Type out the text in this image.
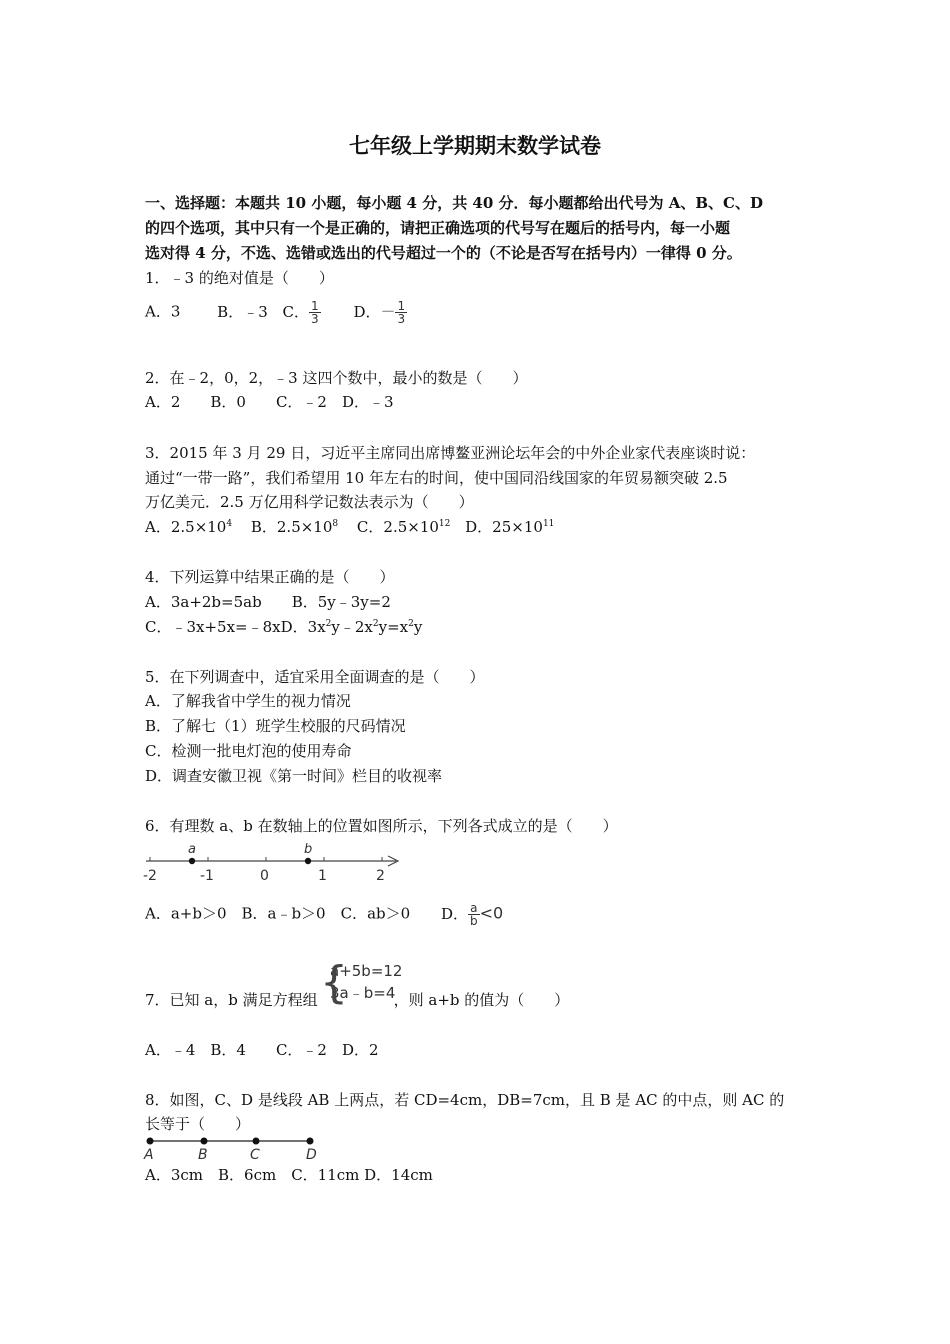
七年级上学期期末数学试卷
一、选择题：本题共 10 小题，每小题 4 分，共 40 分．每小题都给出代号为 A、B、C、D
的四个选项，其中只有一个是正确的，请把正确选项的代号写在题后的括号内，每一小题
选对得 4 分，不选、选错或选出的代号超过一个的（不论是否写在括号内）一律得 0 分。
1．﹣3 的绝对值是（　　）
A．3 B．﹣3 C． $\frac{1}{3}$ D．－ $\frac{1}{3}$
2．在﹣2，0，2，﹣3 这四个数中，最小的数是（　　）
A．2　　B．0　　C．﹣2　D．﹣3
3．2015 年 3 月 29 日，习近平主席同出席博鳌亚洲论坛年会的中外企业家代表座谈时说：
通过“一带一路”，我们希望用 10 年左右的时间，使中国同沿线国家的年贸易额突破 2.5
万亿美元．2.5 万亿用科学记数法表示为（　　）
A．$2.5\times 10^4$ B．$2.5\times 10^8$ C．$2.5\times 10^{12}$ D．$25\times 10^{11}$
4．下列运算中结果正确的是（　　）
A．3a+2b=5ab　　B．5y﹣3y=2
C．﹣3x+5x=﹣8xD．$3x^2y﹣2x^2y=x^2y$
5．在下列调查中，适宜采用全面调查的是（　　）
A．了解我省中学生的视力情况
B．了解七（1）班学生校服的尺码情况
C．检测一批电灯泡的使用寿命
D．调查安徽卫视《第一时间》栏目的收视率
6．有理数 a、b 在数轴上的位置如图所示，下列各式成立的是（　　）
-2	-1	0	1	2
a	b
A．a+b＞0　B．a﹣b＞0　C．ab＞0 D． $\frac{a}{b} <0$
{
a+5b=12
3a﹣b=4
7．已知 a，b 满足方程组	，则 a+b 的值为（　　）
A．﹣4　B．4　　C．﹣2　D．2
8．如图，C、D 是线段 AB 上两点，若 CD=4cm，DB=7cm，且 B 是 AC 的中点，则 AC 的
长等于（　　）
A	B	C	D
A．3cm　B．6cm　C．11cm D．14cm
